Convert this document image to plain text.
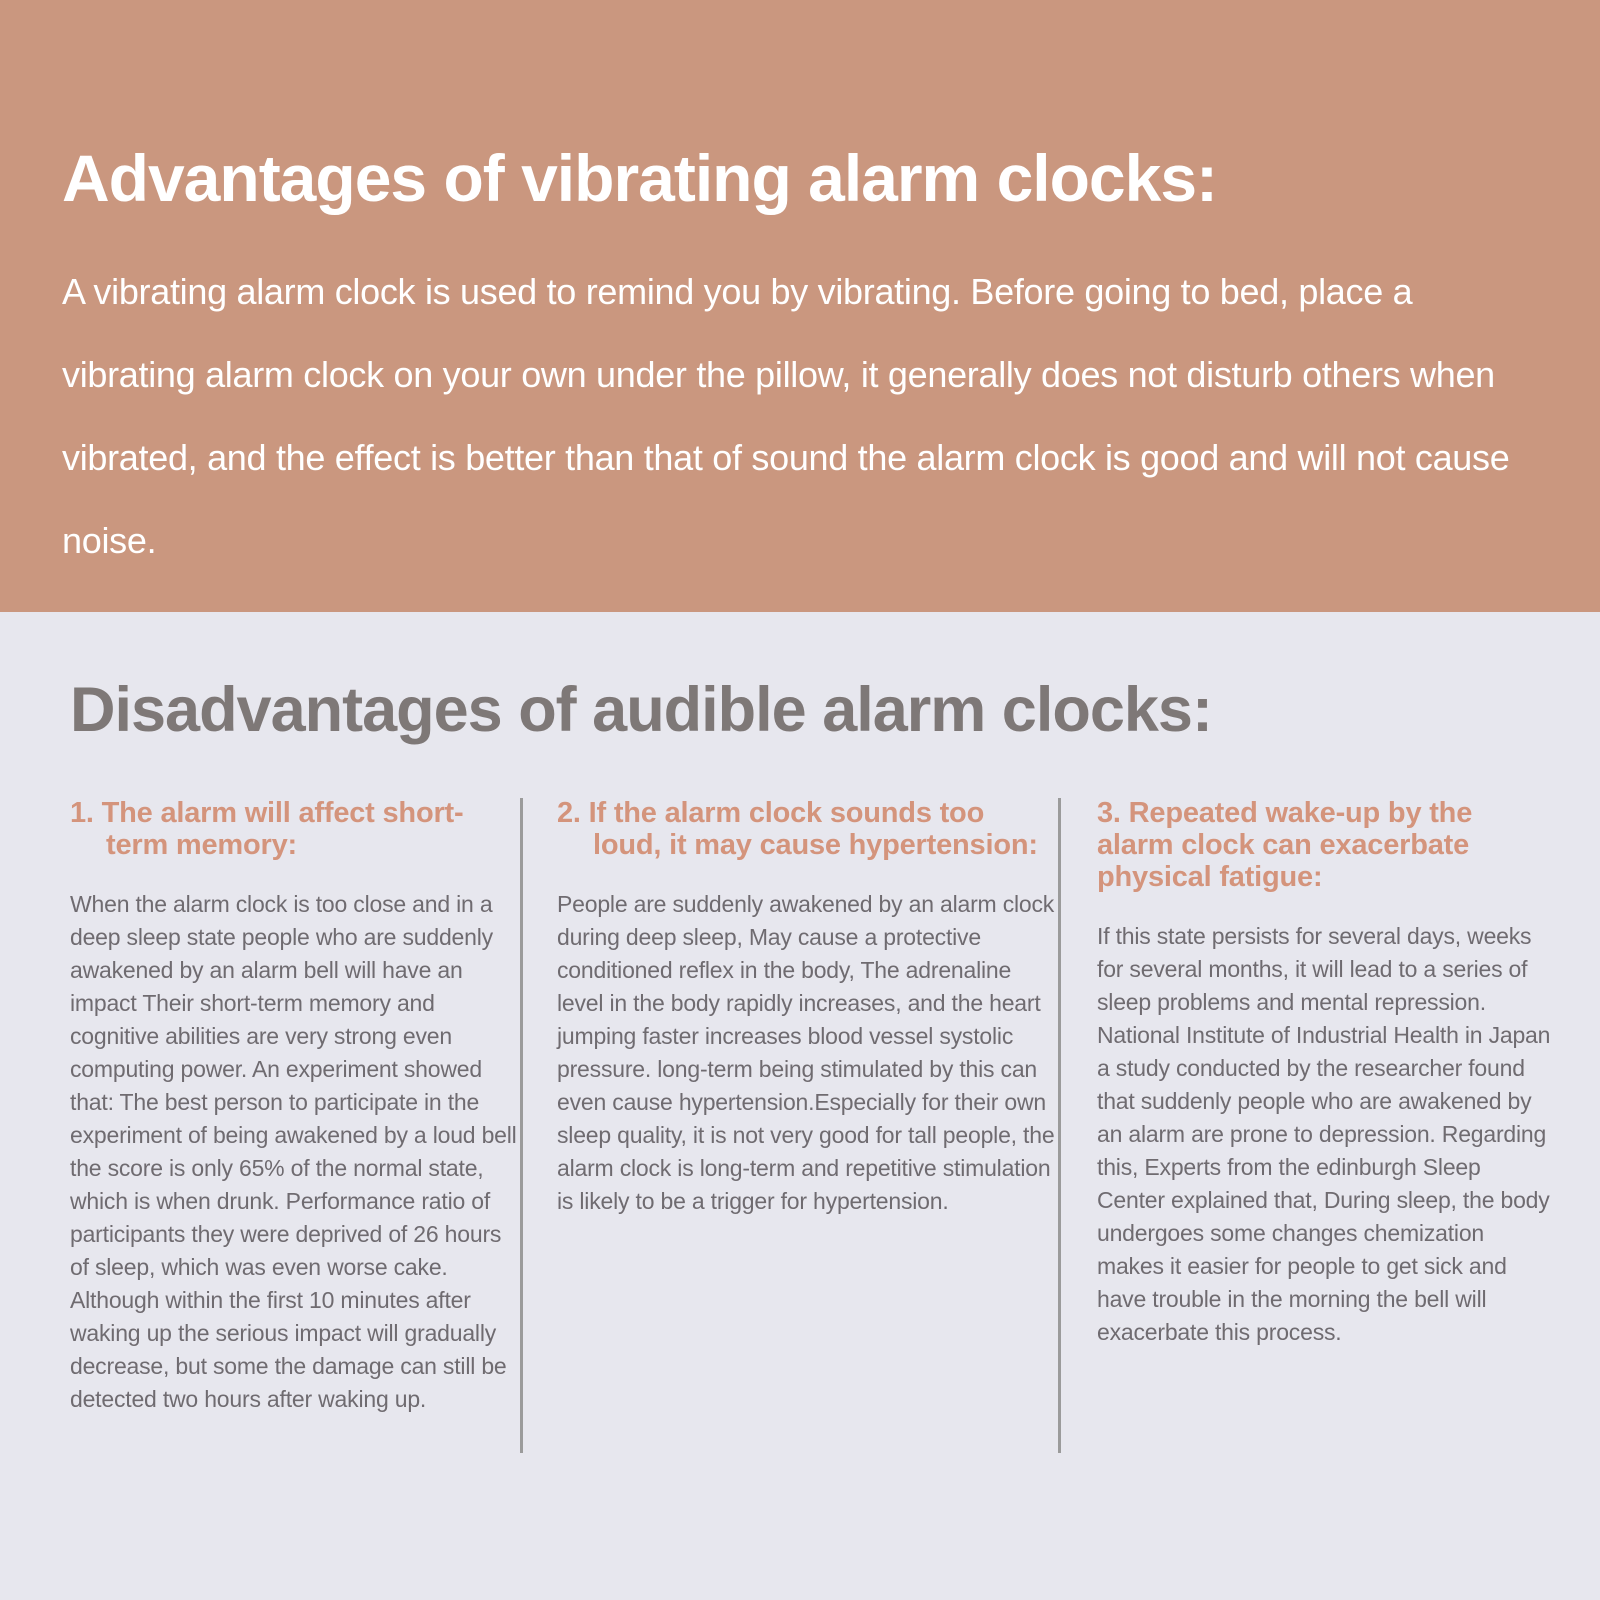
Advantages of vibrating alarm clocks:

A vibrating alarm clock is used to remind you by vibrating. Before going to bed, place a vibrating alarm clock on your own under the pillow, it generally does not disturb others when vibrated, and the effect is better than that of sound the alarm clock is good and will not cause noise.

Disadvantages of audible alarm clocks:
1. The alarm will affect short-term memory:

When the alarm clock is too close and in a deep sleep state people who are suddenly awakened by an alarm bell will have an impact Their short-term memory and cognitive abilities are very strong even computing power. An experiment showed that: The best person to participate in the experiment of being awakened by a loud bell the score is only 65% of the normal state, which is when drunk. Performance ratio of participants they were deprived of 26 hours of sleep, which was even worse cake. Although within the first 10 minutes after waking up the serious impact will gradually decrease, but some the damage can still be detected two hours after waking up.

2. If the alarm clock sounds too loud, it may cause hypertension:

People are suddenly awakened by an alarm clock during deep sleep, May cause a protective conditioned reflex in the body, The adrenaline level in the body rapidly increases, and the heart jumping faster increases blood vessel systolic pressure. long-term being stimulated by this can even cause hypertension.Especially for their own sleep quality, it is not very good for tall people, the alarm clock is long-term and repetitive stimulation is likely to be a trigger for hypertension.

3. Repeated wake-up by the alarm clock can exacerbate physical fatigue:

If this state persists for several days, weeks for several months, it will lead to a series of sleep problems and mental repression. National Institute of Industrial Health in Japan a study conducted by the researcher found that suddenly people who are awakened by an alarm are prone to depression. Regarding this, Experts from the edinburgh Sleep Center explained that, During sleep, the body undergoes some changes chemization makes it easier for people to get sick and have trouble in the morning the bell will exacerbate this process.
